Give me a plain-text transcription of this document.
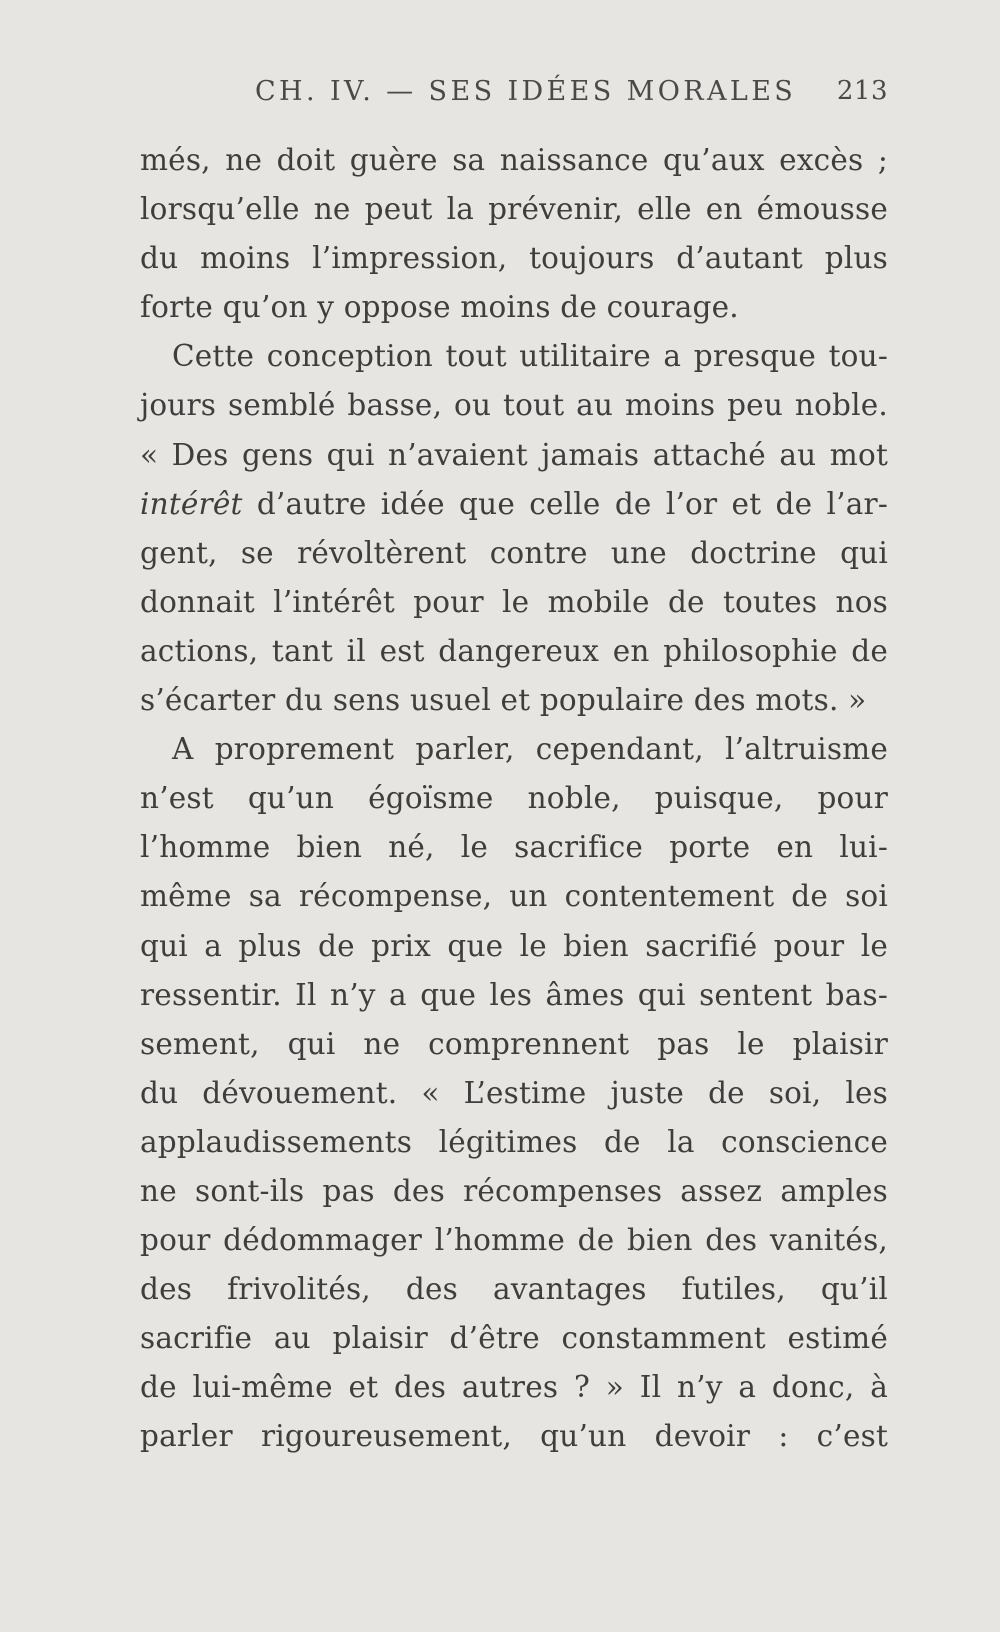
CH. IV. — SES IDÉES MORALES 213
més, ne doit guère sa naissance qu’aux excès ;
lorsqu’elle ne peut la prévenir, elle en émousse
du moins l’impression, toujours d’autant plus
forte qu’on y oppose moins de courage.
Cette conception tout utilitaire a presque tou-
jours semblé basse, ou tout au moins peu noble.
« Des gens qui n’avaient jamais attaché au mot
intérêt d’autre idée que celle de l’or et de l’ar-
gent, se révoltèrent contre une doctrine qui
donnait l’intérêt pour le mobile de toutes nos
actions, tant il est dangereux en philosophie de
s’écarter du sens usuel et populaire des mots. »
A proprement parler, cependant, l’altruisme
n’est qu’un égoïsme noble, puisque, pour
l’homme bien né, le sacrifice porte en lui-
même sa récompense, un contentement de soi
qui a plus de prix que le bien sacrifié pour le
ressentir. Il n’y a que les âmes qui sentent bas-
sement, qui ne comprennent pas le plaisir
du dévouement. « L’estime juste de soi, les
applaudissements légitimes de la conscience
ne sont-ils pas des récompenses assez amples
pour dédommager l’homme de bien des vanités,
des frivolités, des avantages futiles, qu’il
sacrifie au plaisir d’être constamment estimé
de lui-même et des autres ? » Il n’y a donc, à
parler rigoureusement, qu’un devoir : c’est
